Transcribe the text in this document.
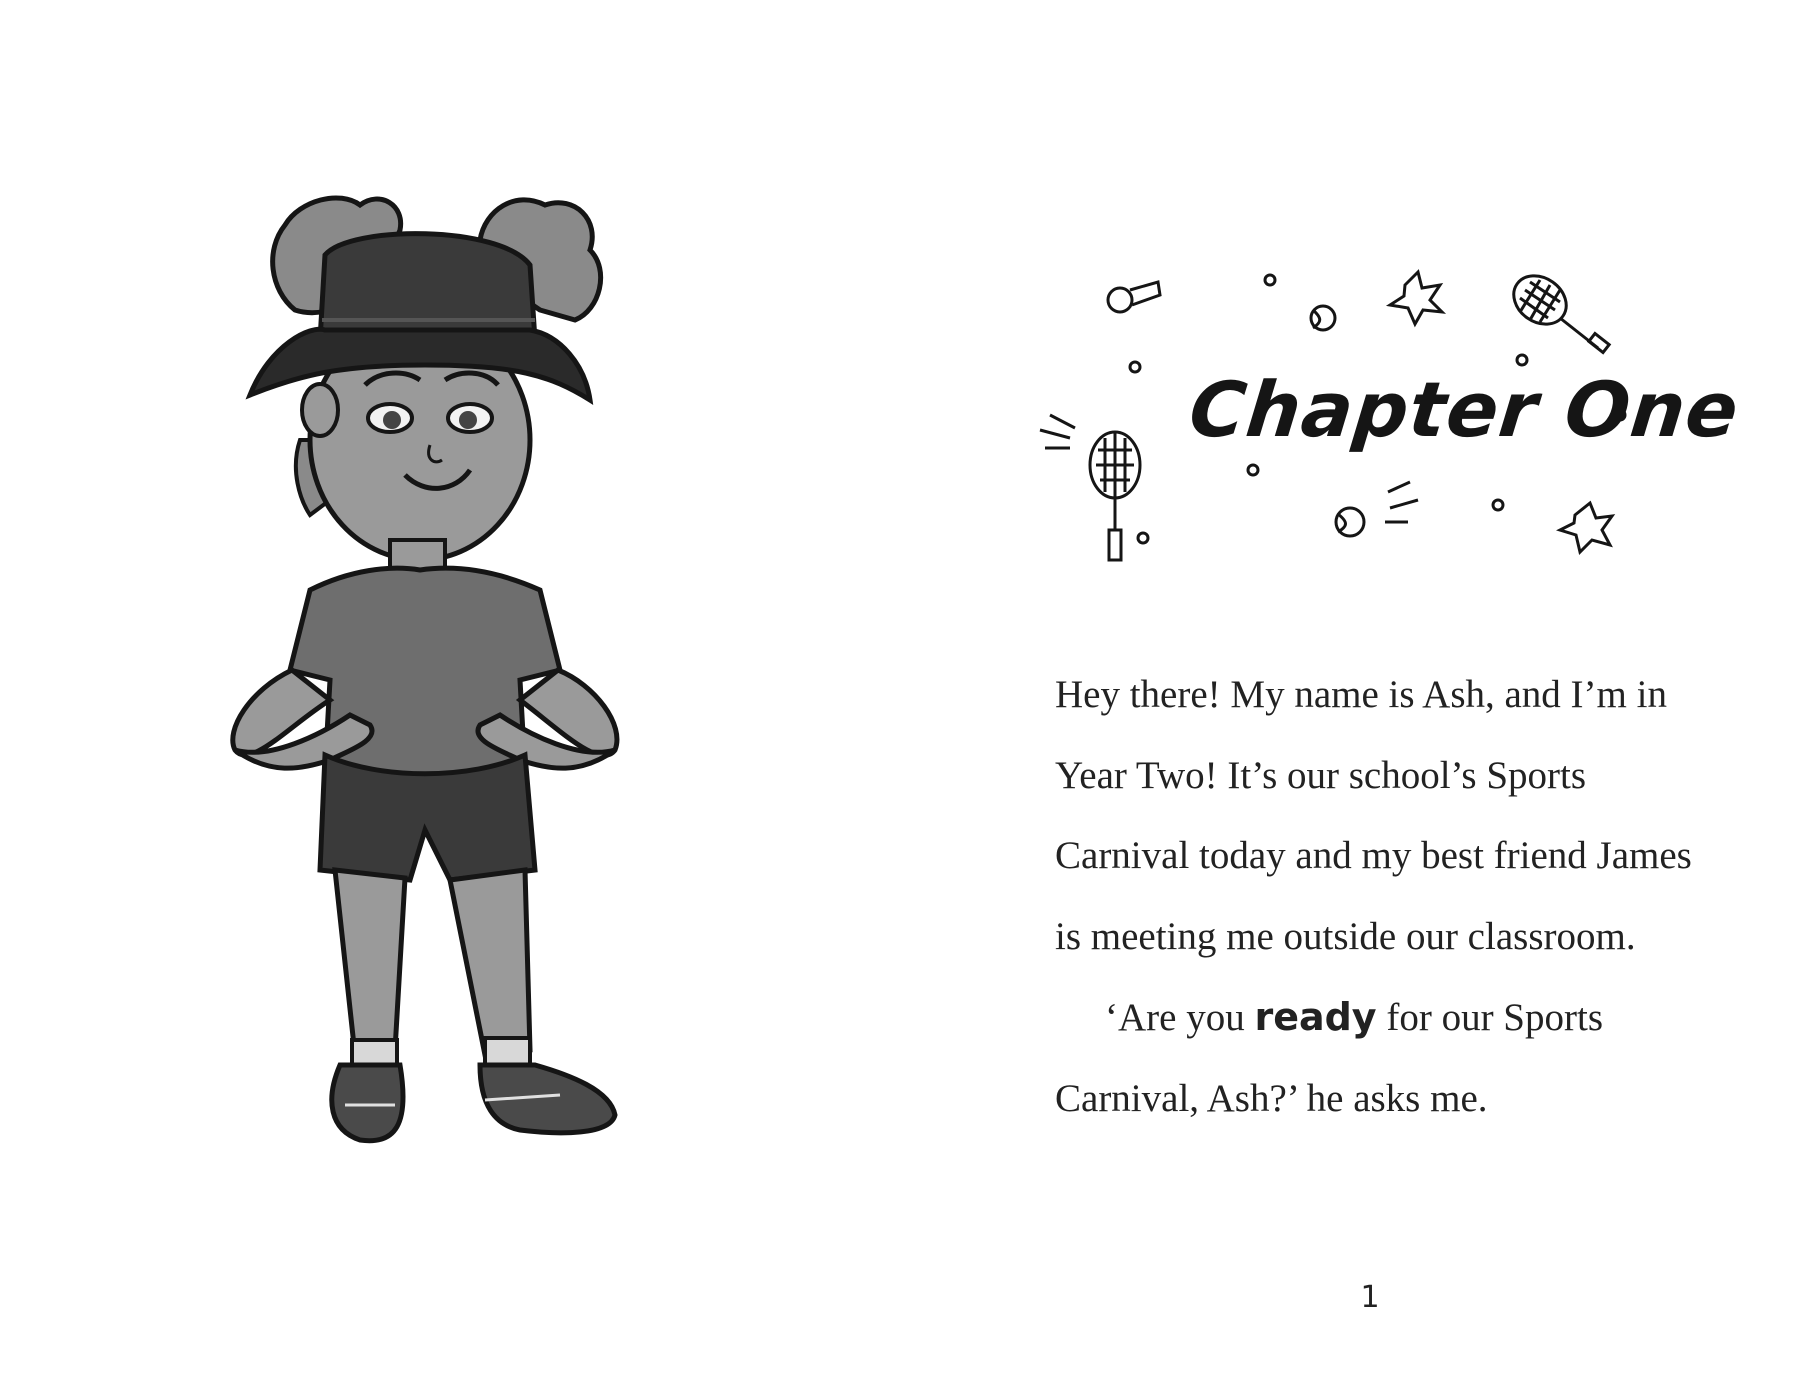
Chapter One

Hey there! My name is Ash, and I’m in Year Two! It’s our school’s Sports Carnival today and my best friend James is meeting me outside our classroom.

‘Are you ready for our Sports Carnival, Ash?’ he asks me.

1
